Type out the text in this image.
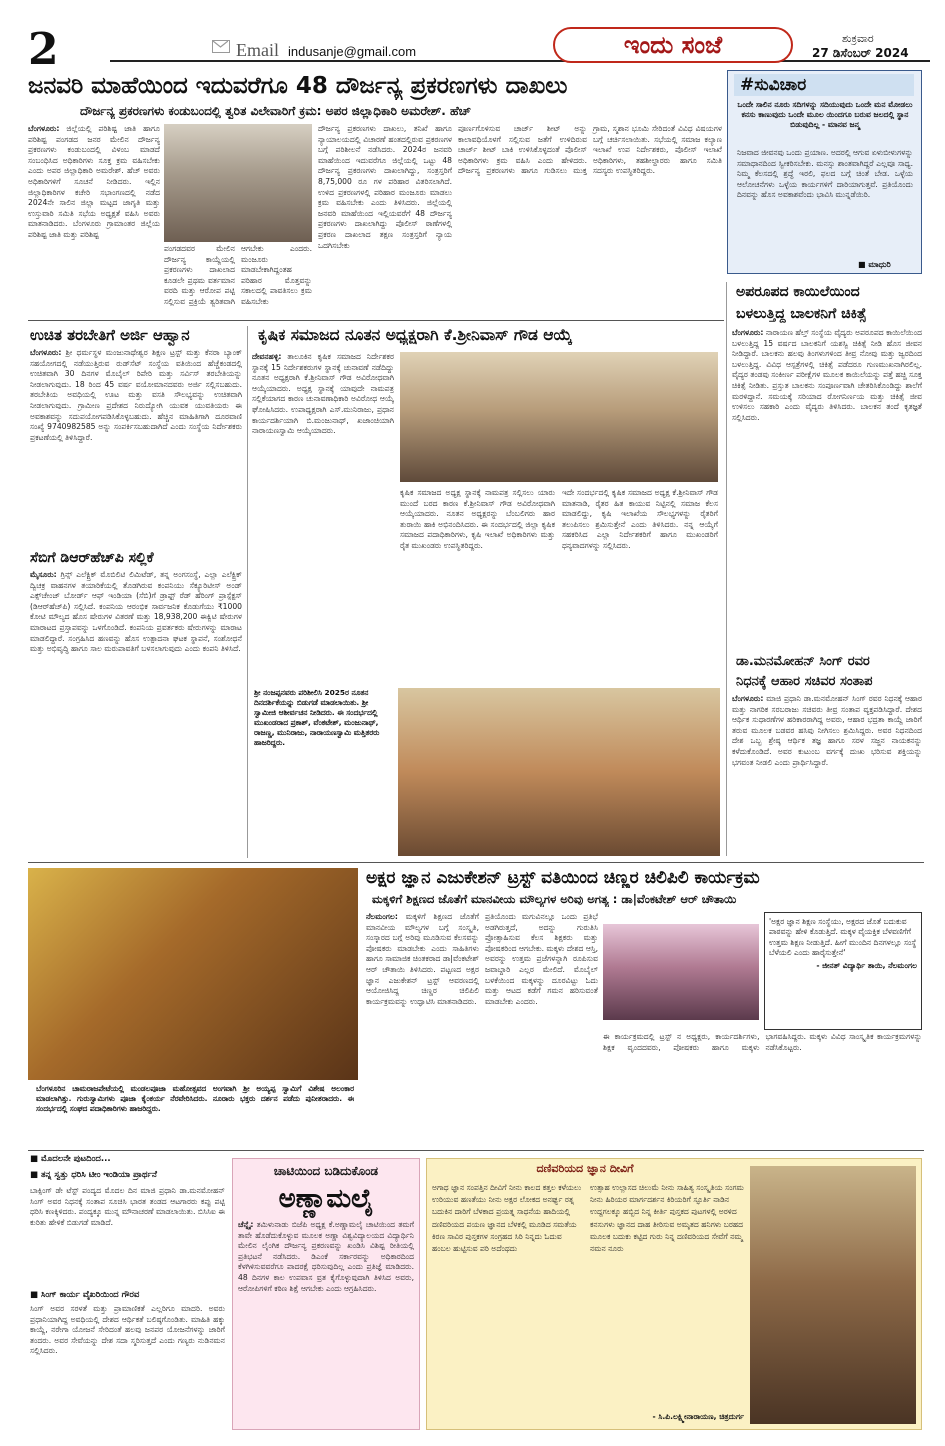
2	Email indusanje@gmail.com	ಇಂದು ಸಂಜೆ	ಶುಕ್ರವಾರ
27 ಡಿಸೆಂಬರ್ 2024
ಜನವರಿ ಮಾಹೆಯಿಂದ ಇದುವರೆಗೂ 48 ದೌರ್ಜನ್ಯ ಪ್ರಕರಣಗಳು ದಾಖಲು
ದೌರ್ಜನ್ಯ ಪ್ರಕರಣಗಳು ಕಂಡುಬಂದಲ್ಲಿ ತ್ವರಿತ ವಿಲೇವಾರಿಗೆ ಕ್ರಮ: ಅಪರ ಜಿಲ್ಲಾಧಿಕಾರಿ ಅಮರೇಶ್. ಹೆಚ್
ಬೆಂಗಳೂರು: ಜಿಲ್ಲೆಯಲ್ಲಿ ಪರಿಶಿಷ್ಟ ಜಾತಿ ಹಾಗೂ ಪರಿಶಿಷ್ಟ ಪಂಗಡದ ಜನರ ಮೇಲಿನ ದೌರ್ಜನ್ಯ ಪ್ರಕರಣಗಳು ಕಂಡುಬಂದಲ್ಲಿ ವಿಳಂಬ ಮಾಡದೆ ಸಂಬಂಧಿಸಿದ ಅಧಿಕಾರಿಗಳು ಸೂಕ್ತ ಕ್ರಮ ವಹಿಸಬೇಕು ಎಂದು ಅಪರ ಜಿಲ್ಲಾಧಿಕಾರಿ ಅಮರೇಶ್. ಹೆಚ್ ಅವರು ಅಧಿಕಾರಿಗಳಿಗೆ ಸೂಚನೆ ನೀಡಿದರು. ಇಲ್ಲಿನ ಜಿಲ್ಲಾಧಿಕಾರಿಗಳ ಕಚೇರಿ ಸಭಾಂಗಣದಲ್ಲಿ ನಡೆದ 2024ನೇ ಸಾಲಿನ ಜಿಲ್ಲಾ ಮಟ್ಟದ ಜಾಗೃತಿ ಮತ್ತು ಉಸ್ತುವಾರಿ ಸಮಿತಿ ಸಭೆಯ ಅಧ್ಯಕ್ಷತೆ ವಹಿಸಿ ಅವರು ಮಾತನಾಡಿದರು. ಬೆಂಗಳೂರು ಗ್ರಾಮಾಂತರ ಜಿಲ್ಲೆಯ ಪರಿಶಿಷ್ಟ ಜಾತಿ ಮತ್ತು ಪರಿಶಿಷ್ಟ
ಪಂಗಡದವರ ಮೇಲಿನ ದೌರ್ಜನ್ಯ ಕಾಯ್ದೆಯಲ್ಲಿ ಪ್ರಕರಣಗಳು ದಾಖಲಾದ ಕೂಡಲೇ ಪ್ರಥಮ ವರ್ತಮಾನ ವರದಿ ಮತ್ತು ಆರೋಪ ಪಟ್ಟಿ ಸಲ್ಲಿಸುವ ಪ್ರಕ್ರಿಯೆ ತ್ವರಿತವಾಗಿ ಆಗಬೇಕು ಎಂದರು. ಮಂಜೂರು ಮಾಡಬೇಕಾಗಿದ್ದಂತಹ ಪರಿಹಾರ ಮೊತ್ತವನ್ನು ಸಕಾಲದಲ್ಲಿ ಪಾವತಿಸಲು ಕ್ರಮ ವಹಿಸಬೇಕು
ದೌರ್ಜನ್ಯ ಪ್ರಕರಣಗಳು ದಾಖಲು, ತನಿಖೆ ಹಾಗೂ ನ್ಯಾಯಾಲಯದಲ್ಲಿ ವಿಚಾರಣೆ ಹಂತದಲ್ಲಿರುವ ಪ್ರಕರಣಗಳ ಬಗ್ಗೆ ಪರಿಶೀಲನೆ ನಡೆಸಿದರು. 2024ರ ಜನವರಿ ಮಾಹೆಯಿಂದ ಇದುವರೆಗೂ ಜಿಲ್ಲೆಯಲ್ಲಿ ಒಟ್ಟು 48 ದೌರ್ಜನ್ಯ ಪ್ರಕರಣಗಳು ದಾಖಲಾಗಿದ್ದು, ಸಂತ್ರಸ್ತರಿಗೆ 8,75,000 ರೂ ಗಳ ಪರಿಹಾರ ವಿತರಿಸಲಾಗಿದೆ. ಉಳಿದ ಪ್ರಕರಣಗಳಲ್ಲಿ ಪರಿಹಾರ ಮಂಜೂರು ಮಾಡಲು ಕ್ರಮ ವಹಿಸಬೇಕು ಎಂದು ತಿಳಿಸಿದರು. ಜಿಲ್ಲೆಯಲ್ಲಿ ಜನವರಿ ಮಾಹೆಯಿಂದ ಇಲ್ಲಿಯವರೆಗೆ 48 ದೌರ್ಜನ್ಯ ಪ್ರಕರಣಗಳು ದಾಖಲಾಗಿದ್ದು ಪೊಲೀಸ್ ಠಾಣೆಗಳಲ್ಲಿ ಪ್ರಕರಣ ದಾಖಲಾದ ತಕ್ಷಣ ಸಂತ್ರಸ್ತರಿಗೆ ನ್ಯಾಯ ಒದಗಿಸಬೇಕು
ಪೂರ್ಣಗೊಳಿಸುವ ಚಾರ್ಜ್ ಶೀಟ್ ಅನ್ನು ಕಾಲಾವಧಿಯೊಳಗೆ ಸಲ್ಲಿಸುವ ಜತೆಗೆ ಉಳಿದಿರುವ ಚಾರ್ಜ್ ಶೀಟ್ ಬಾಕಿ ಉಳಿಸಿಕೊಳ್ಳದಂತೆ ಪೊಲೀಸ್ ಅಧಿಕಾರಿಗಳು ಕ್ರಮ ವಹಿಸಿ ಎಂದು ಹೇಳಿದರು. ದೌರ್ಜನ್ಯ ಪ್ರಕರಣಗಳು ಹಾಗೂ ಗುಡಿಸಲು ಮುಕ್ತ ಗ್ರಾಮ, ಸ್ಮಶಾನ ಭೂಮಿ ಸೇರಿದಂತೆ ವಿವಿಧ ವಿಷಯಗಳ ಬಗ್ಗೆ ಚರ್ಚಿಸಲಾಯಿತು. ಸಭೆಯಲ್ಲಿ ಸಮಾಜ ಕಲ್ಯಾಣ ಇಲಾಖೆ ಉಪ ನಿರ್ದೇಶಕರು, ಪೊಲೀಸ್ ಇಲಾಖೆ ಅಧಿಕಾರಿಗಳು, ತಹಶೀಲ್ದಾರರು ಹಾಗೂ ಸಮಿತಿ ಸದಸ್ಯರು ಉಪಸ್ಥಿತರಿದ್ದರು.
#ಸುವಿಚಾರ
ಒಂದೇ ಸಾಲಿನ ನೂರು ಸದಿಗಳನ್ನು ಸದಿಯುವುದು ಒಂದೇ ಮನ ಮೋಡಲು ಕನಸು ಕಾಣುವುದು ಒಂದೇ ಮೂಲ ಯಿಂದಗೂ ಬರುವ ಜಲದಲ್ಲಿ ಸ್ಥಾನ ಬಿಡುವುದಿಲ್ಲ - ಮಾನವ ಜನ್ಮ
ನಿಜವಾದ ಜೀವನವು ಒಂದು ಪ್ರಯಾಣ. ಅದರಲ್ಲಿ ಆಗುವ ಏಳುಬೀಳುಗಳನ್ನು ಸಮಾಧಾನದಿಂದ ಸ್ವೀಕರಿಸಬೇಕು. ಮನಸ್ಸು ಶಾಂತವಾಗಿದ್ದರೆ ಎಲ್ಲವೂ ಸಾಧ್ಯ. ನಿಮ್ಮ ಕೆಲಸದಲ್ಲಿ ಶ್ರದ್ಧೆ ಇರಲಿ, ಫಲದ ಬಗ್ಗೆ ಚಿಂತೆ ಬೇಡ. ಒಳ್ಳೆಯ ಆಲೋಚನೆಗಳು ಒಳ್ಳೆಯ ಕಾರ್ಯಗಳಿಗೆ ದಾರಿಯಾಗುತ್ತವೆ. ಪ್ರತಿಯೊಂದು ದಿನವನ್ನು ಹೊಸ ಅವಕಾಶವೆಂದು ಭಾವಿಸಿ ಮುನ್ನಡೆಯಿರಿ.
■ ಮಾಧುರಿ
ಅಪರೂಪದ ಕಾಯಿಲೆಯಿಂದ
ಬಳಲುತ್ತಿದ್ದ ಬಾಲಕನಿಗೆ ಚಿಕಿತ್ಸೆ
ಬೆಂಗಳೂರು: ನಾರಾಯಣ ಹೆಲ್ತ್ ಸಂಸ್ಥೆಯ ವೈದ್ಯರು ಅಪರೂಪದ ಕಾಯಿಲೆಯಿಂದ ಬಳಲುತ್ತಿದ್ದ 15 ವರ್ಷದ ಬಾಲಕನಿಗೆ ಯಶಸ್ವಿ ಚಿಕಿತ್ಸೆ ನೀಡಿ ಹೊಸ ಜೀವನ ನೀಡಿದ್ದಾರೆ. ಬಾಲಕನು ಹಲವು ತಿಂಗಳುಗಳಿಂದ ತೀವ್ರ ನೋವು ಮತ್ತು ಜ್ವರದಿಂದ ಬಳಲುತ್ತಿದ್ದ. ವಿವಿಧ ಆಸ್ಪತ್ರೆಗಳಲ್ಲಿ ಚಿಕಿತ್ಸೆ ಪಡೆದರೂ ಗುಣಮುಖನಾಗಿರಲಿಲ್ಲ. ವೈದ್ಯರ ತಂಡವು ಸಂಕೀರ್ಣ ಪರೀಕ್ಷೆಗಳ ಮೂಲಕ ಕಾಯಿಲೆಯನ್ನು ಪತ್ತೆ ಹಚ್ಚಿ ಸೂಕ್ತ ಚಿಕಿತ್ಸೆ ನೀಡಿತು. ಪ್ರಸ್ತುತ ಬಾಲಕನು ಸಂಪೂರ್ಣವಾಗಿ ಚೇತರಿಸಿಕೊಂಡಿದ್ದು ಶಾಲೆಗೆ ಮರಳಿದ್ದಾನೆ. ಸಮಯಕ್ಕೆ ಸರಿಯಾದ ರೋಗನಿರ್ಣಯ ಮತ್ತು ಚಿಕಿತ್ಸೆ ಜೀವ ಉಳಿಸಲು ಸಹಕಾರಿ ಎಂದು ವೈದ್ಯರು ತಿಳಿಸಿದರು. ಬಾಲಕನ ತಂದೆ ಕೃತಜ್ಞತೆ ಸಲ್ಲಿಸಿದರು.
ಡಾ.ಮನಮೋಹನ್ ಸಿಂಗ್ ರವರ
ನಿಧನಕ್ಕೆ ಆಹಾರ ಸಚಿವರ ಸಂತಾಪ
ಬೆಂಗಳೂರು: ಮಾಜಿ ಪ್ರಧಾನಿ ಡಾ.ಮನಮೋಹನ್ ಸಿಂಗ್ ರವರ ನಿಧನಕ್ಕೆ ಆಹಾರ ಮತ್ತು ನಾಗರಿಕ ಸರಬರಾಜು ಸಚಿವರು ತೀವ್ರ ಸಂತಾಪ ವ್ಯಕ್ತಪಡಿಸಿದ್ದಾರೆ. ದೇಶದ ಆರ್ಥಿಕ ಸುಧಾರಣೆಗಳ ಹರಿಕಾರರಾಗಿದ್ದ ಅವರು, ಆಹಾರ ಭದ್ರತಾ ಕಾಯ್ದೆ ಜಾರಿಗೆ ತರುವ ಮೂಲಕ ಬಡವರ ಹಸಿವು ನೀಗಿಸಲು ಶ್ರಮಿಸಿದ್ದರು. ಅವರ ನಿಧನದಿಂದ ದೇಶ ಒಬ್ಬ ಶ್ರೇಷ್ಠ ಆರ್ಥಿಕ ತಜ್ಞ ಹಾಗೂ ಸರಳ ಸಜ್ಜನ ನಾಯಕನನ್ನು ಕಳೆದುಕೊಂಡಿದೆ. ಅವರ ಕುಟುಂಬ ವರ್ಗಕ್ಕೆ ದುಃಖ ಭರಿಸುವ ಶಕ್ತಿಯನ್ನು ಭಗವಂತ ನೀಡಲಿ ಎಂದು ಪ್ರಾರ್ಥಿಸಿದ್ದಾರೆ.
ಉಚಿತ ತರಬೇತಿಗೆ ಅರ್ಜಿ ಆಹ್ವಾನ
ಬೆಂಗಳೂರು: ಶ್ರೀ ಧರ್ಮಸ್ಥಳ ಮಂಜುನಾಥೇಶ್ವರ ಶಿಕ್ಷಣ ಟ್ರಸ್ಟ್ ಮತ್ತು ಕೆನರಾ ಬ್ಯಾಂಕ್ ಸಹಯೋಗದಲ್ಲಿ ನಡೆಯುತ್ತಿರುವ ರುಡ್‌ಸೆಟ್ ಸಂಸ್ಥೆಯ ವತಿಯಿಂದ ಹೆಚ್ಚೆಕಂಡದಲ್ಲಿ ಉಚಿತವಾಗಿ 30 ದಿನಗಳ ಮೊಬೈಲ್ ರಿಪೇರಿ ಮತ್ತು ಸರ್ವಿಸ್ ತರಬೇತಿಯನ್ನು ನೀಡಲಾಗುವುದು. 18 ರಿಂದ 45 ವರ್ಷ ವಯೋಮಾನದವರು ಅರ್ಜಿ ಸಲ್ಲಿಸಬಹುದು. ತರಬೇತಿಯ ಅವಧಿಯಲ್ಲಿ ಊಟ ಮತ್ತು ವಸತಿ ಸೌಲಭ್ಯವನ್ನು ಉಚಿತವಾಗಿ ನೀಡಲಾಗುವುದು. ಗ್ರಾಮೀಣ ಪ್ರದೇಶದ ನಿರುದ್ಯೋಗಿ ಯುವಕ ಯುವತಿಯರು ಈ ಅವಕಾಶವನ್ನು ಸದುಪಯೋಗಪಡಿಸಿಕೊಳ್ಳಬಹುದು. ಹೆಚ್ಚಿನ ಮಾಹಿತಿಗಾಗಿ ದೂರವಾಣಿ ಸಂಖ್ಯೆ 9740982585 ಅನ್ನು ಸಂಪರ್ಕಿಸಬಹುದಾಗಿದೆ ಎಂದು ಸಂಸ್ಥೆಯ ನಿರ್ದೇಶಕರು ಪ್ರಕಟಣೆಯಲ್ಲಿ ತಿಳಿಸಿದ್ದಾರೆ.
ಸೆಬಿಗೆ ಡಿಆರ್‌ಹೆಚ್‌ಪಿ ಸಲ್ಲಿಕೆ
ಮೈಸೂರು: ಗ್ರಿನ್ಸ್ ಎಲೆಕ್ಟ್ರಿಕ್ ಮೊಬಿಲಿಟಿ ಲಿಮಿಟೆಡ್, ತನ್ನ ಅಂಗಸಂಸ್ಥೆ, ಎಲ್ಲಾ ಎಲೆಕ್ಟ್ರಿಕ್ ದ್ವಿಚಕ್ರ ವಾಹನಗಳ ತಯಾರಿಕೆಯಲ್ಲಿ ತೊಡಗಿರುವ ಕಂಪನಿಯು ಸೆಕ್ಯೂರಿಟೀಸ್ ಅಂಡ್ ಎಕ್ಸ್‌ಚೇಂಜ್ ಬೋರ್ಡ್ ಆಫ್ ಇಂಡಿಯಾ (ಸೆಬಿ)ಗೆ ಡ್ರಾಫ್ಟ್ ರೆಡ್ ಹೆರಿಂಗ್ ಪ್ರಾಸ್ಪೆಕ್ಟಸ್ (ಡಿಆರ್‌ಹೆಚ್‌ಪಿ) ಸಲ್ಲಿಸಿದೆ. ಕಂಪನಿಯ ಆರಂಭಿಕ ಸಾರ್ವಜನಿಕ ಕೊಡುಗೆಯು ₹1000 ಕೋಟಿ ಮೌಲ್ಯದ ಹೊಸ ಷೇರುಗಳ ವಿತರಣೆ ಮತ್ತು 18,938,200 ಈಕ್ವಿಟಿ ಷೇರುಗಳ ಮಾರಾಟದ ಪ್ರಸ್ತಾಪವನ್ನು ಒಳಗೊಂಡಿದೆ. ಕಂಪನಿಯ ಪ್ರವರ್ತಕರು ಷೇರುಗಳನ್ನು ಮಾರಾಟ ಮಾಡಲಿದ್ದಾರೆ. ಸಂಗ್ರಹಿಸಿದ ಹಣವನ್ನು ಹೊಸ ಉತ್ಪಾದನಾ ಘಟಕ ಸ್ಥಾಪನೆ, ಸಂಶೋಧನೆ ಮತ್ತು ಅಭಿವೃದ್ಧಿ ಹಾಗೂ ಸಾಲ ಮರುಪಾವತಿಗೆ ಬಳಸಲಾಗುವುದು ಎಂದು ಕಂಪನಿ ತಿಳಿಸಿದೆ.
ಕೃಷಿಕ ಸಮಾಜದ ನೂತನ ಅಧ್ಯಕ್ಷರಾಗಿ ಕೆ.ಶ್ರೀನಿವಾಸ್ ಗೌಡ ಆಯ್ಕೆ
ದೇವನಹಳ್ಳಿ: ತಾಲೂಕಿನ ಕೃಷಿಕ ಸಮಾಜದ ನಿರ್ದೇಶಕರ ಸ್ಥಾನಕ್ಕೆ 15 ನಿರ್ದೇಶಕರುಗಳ ಸ್ಥಾನಕ್ಕೆ ಚುನಾವಣೆ ನಡೆದಿದ್ದು ನೂತನ ಅಧ್ಯಕ್ಷರಾಗಿ ಕೆ.ಶ್ರೀನಿವಾಸ್ ಗೌಡ ಅವಿರೋಧವಾಗಿ ಆಯ್ಕೆಯಾದರು. ಅಧ್ಯಕ್ಷ ಸ್ಥಾನಕ್ಕೆ ಯಾವುದೇ ನಾಮಪತ್ರ ಸಲ್ಲಿಕೆಯಾಗದ ಕಾರಣ ಚುನಾವಣಾಧಿಕಾರಿ ಅವಿರೋಧ ಆಯ್ಕೆ ಘೋಷಿಸಿದರು. ಉಪಾಧ್ಯಕ್ಷರಾಗಿ ಎಸ್.ಮುನಿರಾಜು, ಪ್ರಧಾನ ಕಾರ್ಯದರ್ಶಿಯಾಗಿ ಬಿ.ಮಂಜುನಾಥ್, ಖಜಾಂಚಿಯಾಗಿ ನಾರಾಯಣಸ್ವಾಮಿ ಆಯ್ಕೆಯಾದರು.
ಕೃಷಿಕ ಸಮಾಜದ ಅಧ್ಯಕ್ಷ ಸ್ಥಾನಕ್ಕೆ ನಾಮಪತ್ರ ಸಲ್ಲಿಸಲು ಯಾರು ಮುಂದೆ ಬರದ ಕಾರಣ ಕೆ.ಶ್ರೀನಿವಾಸ್ ಗೌಡ ಅವಿರೋಧವಾಗಿ ಆಯ್ಕೆಯಾದರು. ನೂತನ ಅಧ್ಯಕ್ಷರನ್ನು ಬೆಂಬಲಿಗರು ಹಾರ ತುರಾಯಿ ಹಾಕಿ ಅಭಿನಂದಿಸಿದರು. ಈ ಸಂದರ್ಭದಲ್ಲಿ ಜಿಲ್ಲಾ ಕೃಷಿಕ ಸಮಾಜದ ಪದಾಧಿಕಾರಿಗಳು, ಕೃಷಿ ಇಲಾಖೆ ಅಧಿಕಾರಿಗಳು ಮತ್ತು ರೈತ ಮುಖಂಡರು ಉಪಸ್ಥಿತರಿದ್ದರು.
ಇದೇ ಸಂದರ್ಭದಲ್ಲಿ ಕೃಷಿಕ ಸಮಾಜದ ಅಧ್ಯಕ್ಷ ಕೆ.ಶ್ರೀನಿವಾಸ್ ಗೌಡ ಮಾತನಾಡಿ, ರೈತರ ಹಿತ ಕಾಯುವ ನಿಟ್ಟಿನಲ್ಲಿ ಸಮಾಜ ಕೆಲಸ ಮಾಡಲಿದ್ದು, ಕೃಷಿ ಇಲಾಖೆಯ ಸೌಲಭ್ಯಗಳನ್ನು ರೈತರಿಗೆ ತಲುಪಿಸಲು ಶ್ರಮಿಸುತ್ತೇನೆ ಎಂದು ತಿಳಿಸಿದರು. ನನ್ನ ಆಯ್ಕೆಗೆ ಸಹಕರಿಸಿದ ಎಲ್ಲಾ ನಿರ್ದೇಶಕರಿಗೆ ಹಾಗೂ ಮುಖಂಡರಿಗೆ ಧನ್ಯವಾದಗಳನ್ನು ಸಲ್ಲಿಸಿದರು.
ಶ್ರೀ ನಂಜಪ್ಪನವರು ಪರಿಶೀಲಿಸಿ 2025ರ ನೂತನ ದಿನದರ್ಶಿಕೆಯನ್ನು ಬಿಡುಗಡೆ ಮಾಡಲಾಯಿತು. ಶ್ರೀ ಸ್ವಾಮೀಜಿ ಆಶೀರ್ವಚನ ನೀಡಿದರು. ಈ ಸಂದರ್ಭದಲ್ಲಿ ಮುಖಂಡರಾದ ಪ್ರಕಾಶ್, ವೆಂಕಟೇಶ್, ಮಂಜುನಾಥ್, ರಾಜಣ್ಣ, ಮುನಿರಾಜು, ನಾರಾಯಣಸ್ವಾಮಿ ಮತ್ತಿತರರು ಹಾಜರಿದ್ದರು.
ಬೆಂಗಳೂರಿನ ಚಾಮರಾಜಪೇಟೆಯಲ್ಲಿ ಮಂಡಲಪೂಜಾ ಮಹೋತ್ಸವದ ಅಂಗವಾಗಿ ಶ್ರೀ ಅಯ್ಯಪ್ಪ ಸ್ವಾಮಿಗೆ ವಿಶೇಷ ಅಲಂಕಾರ ಮಾಡಲಾಗಿತ್ತು. ಗುರುಸ್ವಾಮಿಗಳು ಪೂಜಾ ಕೈಂಕರ್ಯ ನೆರವೇರಿಸಿದರು. ನೂರಾರು ಭಕ್ತರು ದರ್ಶನ ಪಡೆದು ಪುನೀತರಾದರು. ಈ ಸಂದರ್ಭದಲ್ಲಿ ಸಂಘದ ಪದಾಧಿಕಾರಿಗಳು ಹಾಜರಿದ್ದರು.
ಅಕ್ಷರ ಜ್ಞಾನ ಎಜುಕೇಶನ್ ಟ್ರಸ್ಟ್ ವತಿಯಿಂದ ಚಿಣ್ಣರ ಚಿಲಿಪಿಲಿ ಕಾರ್ಯಕ್ರಮ
ಮಕ್ಕಳಿಗೆ ಶಿಕ್ಷಣದ ಜೊತೆಗೆ ಮಾನವೀಯ ಮೌಲ್ಯಗಳ ಅರಿವು ಅಗತ್ಯ : ಡಾ|ವೆಂಕಟೇಶ್ ಆರ್ ಚೌತಾಯಿ
ನೆಲಮಂಗಲ: ಮಕ್ಕಳಿಗೆ ಶಿಕ್ಷಣದ ಜೊತೆಗೆ ಮಾನವೀಯ ಮೌಲ್ಯಗಳ ಬಗ್ಗೆ ಸಂಸ್ಕೃತಿ, ಸಂಸ್ಕಾರದ ಬಗ್ಗೆ ಅರಿವು ಮೂಡಿಸುವ ಕೆಲಸವನ್ನು ಪೋಷಕರು ಮಾಡಬೇಕು ಎಂದು ಸಾಹಿತಿಗಳು ಹಾಗೂ ಸಾಮಾಜಿಕ ಚಿಂತಕರಾದ ಡಾ|ವೆಂಕಟೇಶ್ ಆರ್ ಚೌತಾಯಿ ತಿಳಿಸಿದರು. ಪಟ್ಟಣದ ಅಕ್ಷರ ಜ್ಞಾನ ಎಜುಕೇಶನ್ ಟ್ರಸ್ಟ್ ಆವರಣದಲ್ಲಿ ಆಯೋಜಿಸಿದ್ದ ಚಿಣ್ಣರ ಚಿಲಿಪಿಲಿ ಕಾರ್ಯಕ್ರಮವನ್ನು ಉದ್ಘಾಟಿಸಿ ಮಾತನಾಡಿದರು.
ಪ್ರತಿಯೊಂದು ಮಗುವಿನಲ್ಲೂ ಒಂದು ಪ್ರತಿಭೆ ಅಡಗಿರುತ್ತದೆ, ಅದನ್ನು ಗುರುತಿಸಿ ಪ್ರೋತ್ಸಾಹಿಸುವ ಕೆಲಸ ಶಿಕ್ಷಕರು ಮತ್ತು ಪೋಷಕರಿಂದ ಆಗಬೇಕು. ಮಕ್ಕಳು ದೇಶದ ಆಸ್ತಿ, ಅವರನ್ನು ಉತ್ತಮ ಪ್ರಜೆಗಳನ್ನಾಗಿ ರೂಪಿಸುವ ಜವಾಬ್ದಾರಿ ಎಲ್ಲರ ಮೇಲಿದೆ. ಮೊಬೈಲ್ ಬಳಕೆಯಿಂದ ಮಕ್ಕಳನ್ನು ದೂರವಿಟ್ಟು ಓದು ಮತ್ತು ಆಟದ ಕಡೆಗೆ ಗಮನ ಹರಿಸುವಂತೆ ಮಾಡಬೇಕು ಎಂದರು.
'ಅಕ್ಷರ ಜ್ಞಾನ ಶಿಕ್ಷಣ ಸಂಸ್ಥೆಯು, ಅಕ್ಷರದ ಜೊತೆ ಬದುಕುವ ಪಾಠವನ್ನು ಹೇಳಿ ಕೊಡುತ್ತಿದೆ. ಮಕ್ಕಳ ವೈಯಕ್ತಿಕ ಬೆಳವಣಿಗೆಗೆ ಉತ್ತಮ ಶಿಕ್ಷಣ ನೀಡುತ್ತಿದೆ. ಹೀಗೆ ಮುಂದಿನ ದಿನಗಳಲ್ಲೂ ಸಂಸ್ಥೆ ಬೆಳೆಯಲಿ ಎಂದು ಹಾರೈಸುತ್ತೇನೆ'
- ಜೀನತ್ ವಿದ್ಯಾರ್ಥಿ ತಾಯಿ, ನೆಲಮಂಗಲ
ಈ ಕಾರ್ಯಕ್ರಮದಲ್ಲಿ ಟ್ರಸ್ಟ್ ನ ಅಧ್ಯಕ್ಷರು, ಕಾರ್ಯದರ್ಶಿಗಳು, ಶಿಕ್ಷಕ ವೃಂದದವರು, ಪೋಷಕರು ಹಾಗೂ ಮಕ್ಕಳು ಭಾಗವಹಿಸಿದ್ದರು. ಮಕ್ಕಳು ವಿವಿಧ ಸಾಂಸ್ಕೃತಿಕ ಕಾರ್ಯಕ್ರಮಗಳನ್ನು ನಡೆಸಿಕೊಟ್ಟರು.
■ ಮೊದಲನೇ ಪುಟದಿಂದ...
■ ತನ್ನ ಸ್ವತ್ತು ಧರಿಸಿ ಟೀಂ ಇಂಡಿಯಾ ಪ್ರಾರ್ಥನೆ
ಬಾಕ್ಸಿಂಗ್ ಡೇ ಟೆಸ್ಟ್ ಪಂದ್ಯದ ಮೊದಲ ದಿನ ಮಾಜಿ ಪ್ರಧಾನಿ ಡಾ.ಮನಮೋಹನ್ ಸಿಂಗ್ ಅವರ ನಿಧನಕ್ಕೆ ಸಂತಾಪ ಸೂಚಿಸಿ ಭಾರತ ತಂಡದ ಆಟಗಾರರು ಕಪ್ಪು ಪಟ್ಟಿ ಧರಿಸಿ ಕಣಕ್ಕಿಳಿದರು. ಪಂದ್ಯಕ್ಕೂ ಮುನ್ನ ಮೌನಾಚರಣೆ ಮಾಡಲಾಯಿತು. ಬಿಸಿಸಿಐ ಈ ಕುರಿತು ಹೇಳಿಕೆ ಬಿಡುಗಡೆ ಮಾಡಿದೆ.
■ ಸಿಂಗ್ ಕಾರ್ಯ ವೈಖರಿಯಿಂದ ಗೌರವ
ಸಿಂಗ್ ಅವರ ಸರಳತೆ ಮತ್ತು ಪ್ರಾಮಾಣಿಕತೆ ಎಲ್ಲರಿಗೂ ಮಾದರಿ. ಅವರು ಪ್ರಧಾನಿಯಾಗಿದ್ದ ಅವಧಿಯಲ್ಲಿ ದೇಶದ ಆರ್ಥಿಕತೆ ಬಲಿಷ್ಠಗೊಂಡಿತು. ಮಾಹಿತಿ ಹಕ್ಕು ಕಾಯ್ದೆ, ನರೇಗಾ ಯೋಜನೆ ಸೇರಿದಂತೆ ಹಲವು ಜನಪರ ಯೋಜನೆಗಳನ್ನು ಜಾರಿಗೆ ತಂದರು. ಅವರ ಸೇವೆಯನ್ನು ದೇಶ ಸದಾ ಸ್ಮರಿಸುತ್ತದೆ ಎಂದು ಗಣ್ಯರು ನುಡಿನಮನ ಸಲ್ಲಿಸಿದರು.
ಚಾಟಿಯಿಂದ ಬಡಿದುಕೊಂಡ
ಅಣ್ಣಾಮಲೈ
ಚೆನ್ನೈ: ತಮಿಳುನಾಡು ಬಿಜೆಪಿ ಅಧ್ಯಕ್ಷ ಕೆ.ಅಣ್ಣಾಮಲೈ ಚಾಟಿಯಿಂದ ತಮಗೆ ತಾವೇ ಹೊಡೆದುಕೊಳ್ಳುವ ಮೂಲಕ ಅಣ್ಣಾ ವಿಶ್ವವಿದ್ಯಾಲಯದ ವಿದ್ಯಾರ್ಥಿನಿ ಮೇಲಿನ ಲೈಂಗಿಕ ದೌರ್ಜನ್ಯ ಪ್ರಕರಣವನ್ನು ಖಂಡಿಸಿ ವಿಶಿಷ್ಟ ರೀತಿಯಲ್ಲಿ ಪ್ರತಿಭಟನೆ ನಡೆಸಿದರು. ಡಿಎಂಕೆ ಸರ್ಕಾರವನ್ನು ಅಧಿಕಾರದಿಂದ ಕೆಳಗಿಳಿಸುವವರೆಗೂ ಪಾದರಕ್ಷೆ ಧರಿಸುವುದಿಲ್ಲ ಎಂದು ಪ್ರತಿಜ್ಞೆ ಮಾಡಿದರು. 48 ದಿನಗಳ ಕಾಲ ಉಪವಾಸ ವ್ರತ ಕೈಗೊಳ್ಳುವುದಾಗಿ ತಿಳಿಸಿದ ಅವರು, ಆರೋಪಿಗಳಿಗೆ ಕಠಿಣ ಶಿಕ್ಷೆ ಆಗಬೇಕು ಎಂದು ಆಗ್ರಹಿಸಿದರು.
ದಣಿವರಿಯದ ಜ್ಞಾನ ದೀವಿಗೆ
ಅಗಾಧ ಜ್ಞಾನ ಸಂಪತ್ತಿನ ದೀವಿಗೆ ನೀನು ಕಾಲದ ಕತ್ತಲ ಕಳೆಯಲು ಉರಿಯುವ ಹಣತೆಯು ನೀನು ಅಕ್ಷರ ಲೋಕದ ಅನರ್ಘ್ಯ ರತ್ನ ಬದುಕಿನ ದಾರಿಗೆ ಬೆಳಕಾದ ಪ್ರಯತ್ನ ಸಾಧನೆಯ ಹಾದಿಯಲ್ಲಿ ದಣಿವರಿಯದ ಪಯಣ ಜ್ಞಾನದ ಬೆಳಕಲ್ಲಿ ಮೂಡಿದ ಸಮತೆಯ ಕಿರಣ ಸಾವಿರ ಪುಸ್ತಕಗಳ ಸಂಗ್ರಹದ ಸಿರಿ ನಿನ್ನದು ಓದುವ ಹಂಬಲ ಹುಟ್ಟಿಸುವ ಪರಿ ಅದೆಂಥದು
ಉತ್ಸಾಹ ಉಲ್ಲಾಸದ ಚಿಲುಮೆ ನೀನು ಸಾಹಿತ್ಯ ಸಂಸ್ಕೃತಿಯ ಸಂಗಮ ನೀನು ಹಿರಿಯರ ಮಾರ್ಗದರ್ಶನ ಕಿರಿಯರಿಗೆ ಸ್ಫೂರ್ತಿ ನಾಡಿನ ಉದ್ದಗಲಕ್ಕೂ ಹಬ್ಬಿದ ನಿನ್ನ ಕೀರ್ತಿ ಪುಸ್ತಕದ ಪುಟಗಳಲ್ಲಿ ಅರಳಿದ ಕನಸುಗಳು ಜ್ಞಾನದ ದಾಹ ತೀರಿಸುವ ಅಮೃತದ ಹನಿಗಳು ಬರಹದ ಮೂಲಕ ಬದುಕು ಕಟ್ಟಿದ ಗುರು ನಿನ್ನ ದಣಿವರಿಯದ ಸೇವೆಗೆ ನಮ್ಮ ನಮನ ನೂರು
- ಸಿ.ಪಿ.ಲಕ್ಷ್ಮೀನಾರಾಯಣ, ಚಿತ್ರದುರ್ಗ
